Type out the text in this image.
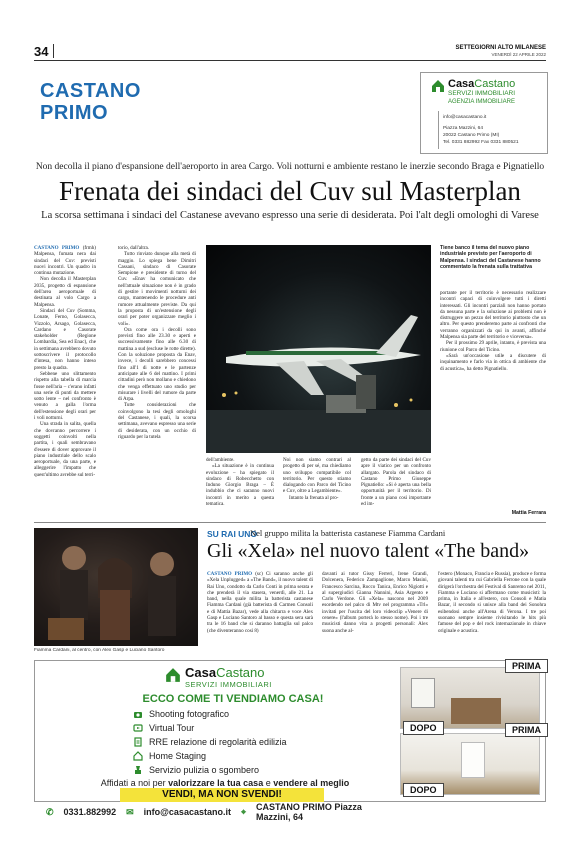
34	SETTEGIORNI ALTO MILANESE
VENERDÌ 22 APRILE 2022
CASTANO
PRIMO
CasaCastano
SERVIZI IMMOBILIARI
AGENZIA IMMOBILIARE
info@casacastano.it
Piazza Mazzini, 64
20022 Castano Primo (MI)
Tel. 0331 882992 Fax 0331 880521
Non decolla il piano d'espansione dell'aeroporto in area Cargo. Voli notturni e ambiente restano le inerzie secondo Braga e Pignatiello
Frenata dei sindaci del Cuv sul Masterplan
La scorsa settimana i sindaci del Castanese avevano espresso una serie di desiderata. Poi l'alt degli omologhi di Varese

CASTANO PRIMO (frmh) Malpensa, fumata nera dai sindaci del Cuv: previsti nuovi incontri. Un quadro in continua mutazione.

Non decolla il Masterplan 2035, progetto di espansione dell'area aeroportuale di destinata al volo Cargo a Malpensa.

Sindaci del Cuv (Somma, Lonate, Ferno, Golasecca, Vizzolo, Arsago, Golasecca, Cardano e Casorate stakeholder (Regione Lombardia, Sea ed Enac), che in settimana avrebbero dovuto sottoscrivere il protocollo d'intesa, non hanno inteso presto la quadra.

Sebbene uno slittamento rispetto alla tabella di marcia fosse nell'aria – c'erano infatti una serie di punti da mettere sotto lente – nel confronto è venuto a galla l'orma dell'estensione degli orari per i voli notturni.

Una strada in salita, quella che dovranno percorrere i soggetti coinvolti nella partita, i quali sembravano d'essere di dover approvare il piano industriale dello scalo aeroportuale, da una parte, e alleggerire l'impatto che quest'ultimo avrebbe sul terri-

torio, dall'altra.

Tutto rinviato dunque alla metà di maggio. Lo spiega bene Dimitri Cassani, sindaco di Casorate Sempione e presidente di turno del Cuv. «Enav ha comunicato che nell'attuale situazione non è in grado di gestire i movimenti notturni dei cargo, mantenendo le procedure anti rumore attualmente previste. Da qui la proposta di un'estensione degli orari per poter organizzare meglio i voli».

Ora come ora i decolli sono previsti fino alle 23.30 e aperti e successivamente fino alle 6.30 di mattina a sud (escluse le rotte dirette). Con la soluzione proposta da Enav, invece, i decolli sarebbero concessi fino all'1 di notte e le partenze anticipate alle 6 del mattino. I primi cittadini però non mollano e chiedono che venga effettuato uno studio per misurare i livelli del rumore da parte di Arpa.

Tutte considerazioni che coinvolgono la tesi degli omologhi del Castanese, i quali, la scorsa settimana, avevano espresso una serie di desiderata, con un occhio di riguardo per la tutela

Tiene banco il tema del nuovo piano industriale previsto per l'aeroporto di Malpensa. I sindaci del Castanese hanno commentato la frenata sulla trattativa

dell'ambiente.

«La situazione è in continua evoluzione – ha spiegato il sindaco di Robecchetto con Induno Giorgio Braga – È indubbio che ci saranno nuovi incontri in merito a questa tematica.

Noi non siamo contrari al progetto di per sé, ma chiediamo uno sviluppo compatibile col territorio. Per questo stiamo dialogando con Parco del Ticino e Cuv, oltre a Legambiente».

Intanto la frenata al pro-

getto da parte dei sindaci del Cuv apre il viatico per un confronto allargato. Parola del sindaco di Castano Primo Giuseppe Pignatiello: «Si è aperta una bella opportunità per il territorio. Di fronte a un piano così importante ed im-

portante per il territorio è necessario realizzare incontri capaci di coinvolgere tutti i diretti interessati. Gli incontri parziali non hanno portato da nessuna parte e la soluzione ai problemi non è distruggere un pezzo del territorio piuttosto che un altro. Per questo prenderemo parte ai confronti che verranno organizzati da qui in avanti, affinché Malpensa sia parte del territorio e viceversa».

Per il prossimo 29 aprile, intanto, è prevista una riunione col Parco del Ticino.

«Sarà un'occasione utile a discutere di inquinamento e farlo via in ottica di ambiente che di acustica», ha detto Pignatiello.

Mattia Ferrara
Fiamma Cardani, al centro, con Alex Gasp e Luciano Santoro
SU RAI UNO
Nel gruppo milita la batterista castanese Fiamma Cardani
Gli «Xela» nel nuovo talent «The band»

CASTANO PRIMO (sc) Ci saranno anche gli «Xela Unplugged» a «The Band», il nuovo talent di Rai Uno, condotto da Carlo Conti in prima serata e che prenderà il via stasera, venerdì, alle 21. La band, nella quale milita la batterista castanese Fiamma Cardani (già batterista di Carmen Consoli e di Mattia Bazar), vede alla chitarra e voce Alex Gasp e Luciano Santoro al basso e questa sera sarà tra le 16 band che si daranno battaglia sul palco (che diventeranno così 8)

davanti ai tutor Gissy Ferreri, Irene Grandi, Dolcenera, Federico Zampaglione, Marco Masini, Francesco Sarcina, Rocco Tanica, Enrico Nigiotti e al supergiudici Gianna Nannini, Asia Argento e Carlo Verdone. Gli «Xela» nascono nel 2009 esordendo nel palco di Mtv nel programma «Trl» invitati per l'uscita del loro videoclip «Venere di cenere» (l'album porterà lo stesso nome). Poi i tre musicisti danno vita a progetti personali: Alex suona anche al-

l'estero (Monaco, Francia e Russia), produce e forma giovani talenti tra cui Gabriella Ferrone con la quale dirigerà l'orchestra del Festival di Sanremo nel 2011, Fiamma e Luciano si affermano come musicisti: la prima, in Italia e all'estero, con Consoli e Matia Bazar, il secondo si unisce alla band dei Sonohra esibendosi anche all'Arena di Verona. I tre poi suonano sempre insieme rivisitando le hits più famose del pop e del rock internazionale in chiave originale e acustica.

CasaCastano
SERVIZI IMMOBILIARI
ECCO COME TI VENDIAMO CASA!
Shooting fotografico
Virtual Tour
RRE relazione di regolarità edilizia
Home Staging
Servizio pulizia o sgombero
Affidati a noi per valorizzare la tua casa e vendere al meglio
PRIMA
DOPO	PRIMA
DOPO
VENDI, MA NON SVENDI!
✆ 0331.882992 ✉ info@casacastano.it ⌖ CASTANO PRIMO Piazza Mazzini, 64
